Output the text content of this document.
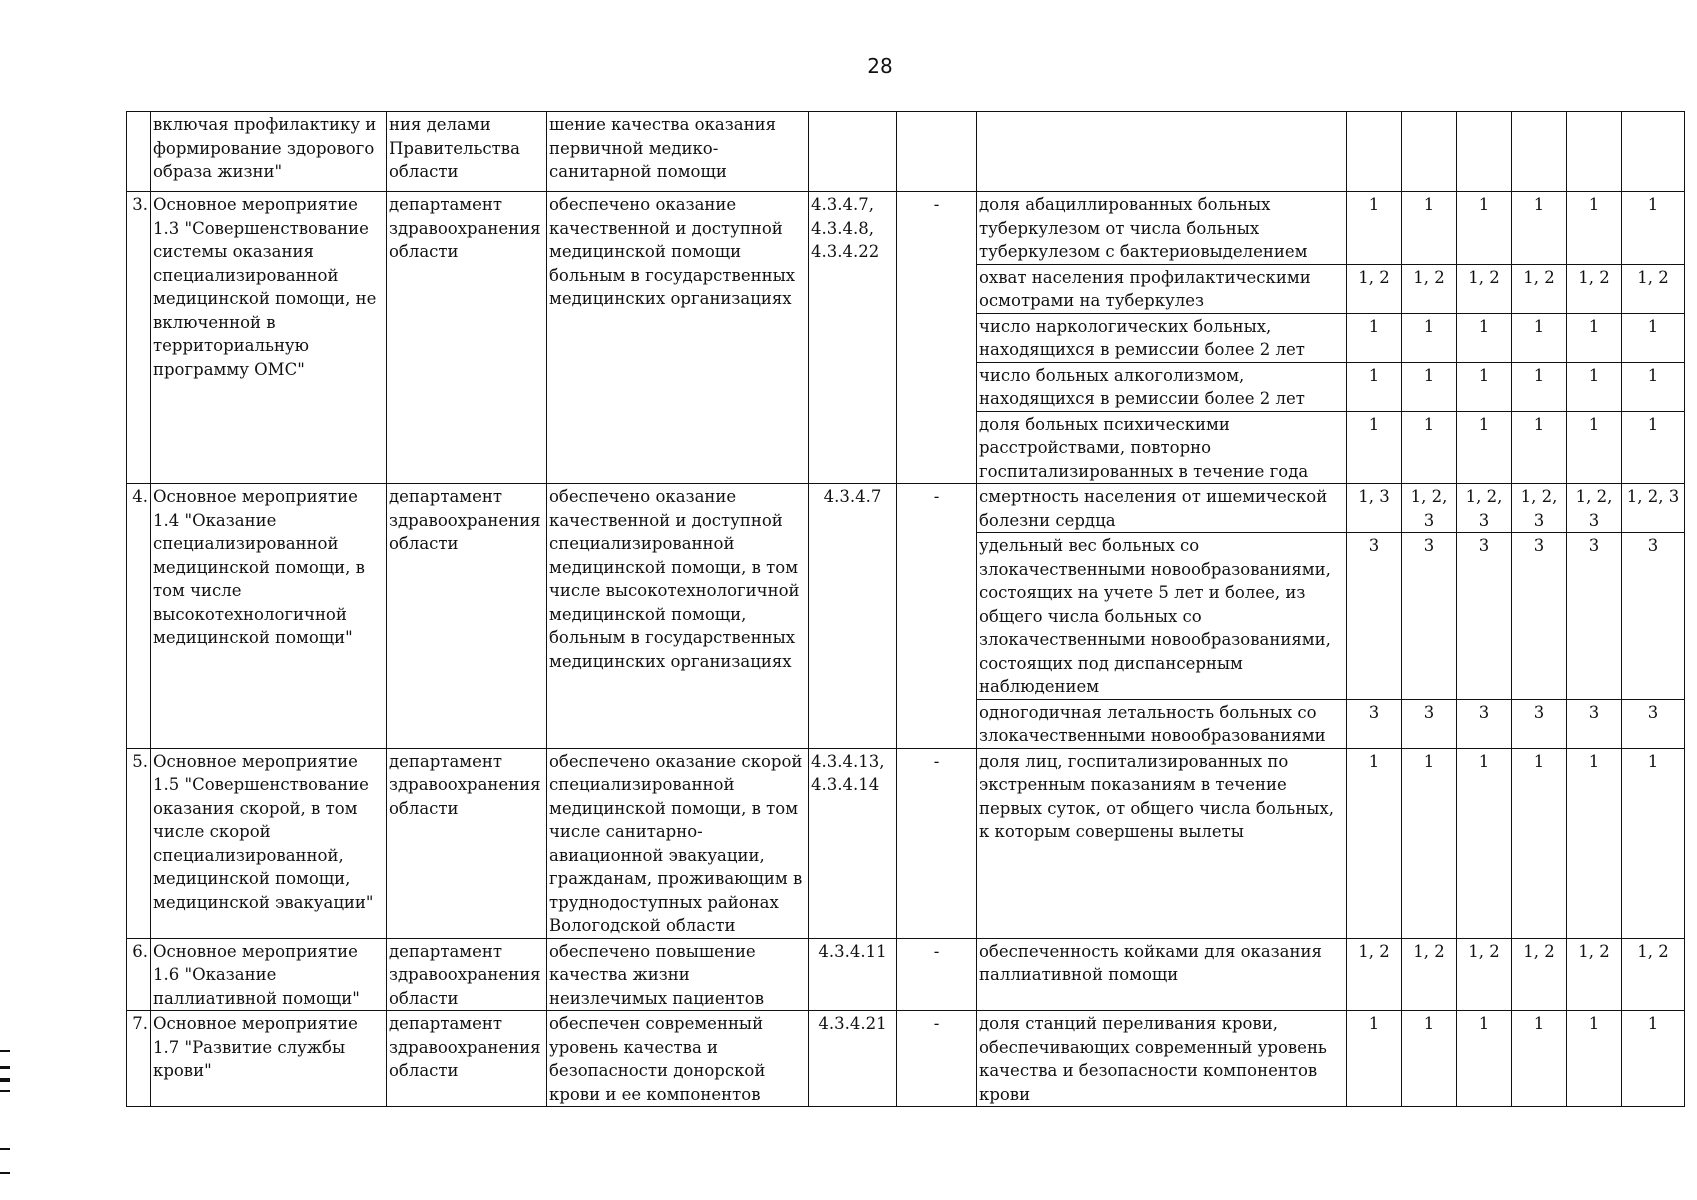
28
	включая профилактику и формирование здорового образа жизни"	ния делами Правительства области	шение качества оказания первичной медико-санитарной помощи									
3.	Основное мероприятие 1.3 "Совершенствование системы оказания специализированной медицинской помощи, не включенной в территориальную программу ОМС"	департамент здравоохранения области	обеспечено оказание качественной и доступной медицинской помощи больным в государственных медицинских организациях	4.3.4.7, 4.3.4.8, 4.3.4.22	-	доля абациллированных больных туберкулезом от числа больных туберкулезом с бактериовыделением	1	1	1	1	1	1
						охват населения профилактическими осмотрами на туберкулез	1, 2	1, 2	1, 2	1, 2	1, 2	1, 2
						число наркологических больных, находящихся в ремиссии более 2 лет	1	1	1	1	1	1
						число больных алкоголизмом, находящихся в ремиссии более 2 лет	1	1	1	1	1	1
						доля больных психическими расстройствами, повторно госпитализированных в течение года	1	1	1	1	1	1
4.	Основное мероприятие 1.4 "Оказание специализированной медицинской помощи, в том числе высокотехнологичной медицинской помощи"	департамент здравоохранения области	обеспечено оказание качественной и доступной специализированной медицинской помощи, в том числе высокотехнологичной медицинской помощи, больным в государственных медицинских организациях	4.3.4.7	-	смертность населения от ишемической болезни сердца	1, 3	1, 2, 3	1, 2, 3	1, 2, 3	1, 2, 3	1, 2, 3
						удельный вес больных со злокачественными новообразованиями, состоящих на учете 5 лет и более, из общего числа больных со злокачественными новообразованиями, состоящих под диспансерным наблюдением	3	3	3	3	3	3
						одногодичная летальность больных со злокачественными новообразованиями	3	3	3	3	3	3
5.	Основное мероприятие 1.5 "Совершенствование оказания скорой, в том числе скорой специализированной, медицинской помощи, медицинской эвакуации"	департамент здравоохранения области	обеспечено оказание скорой специализированной медицинской помощи, в том числе санитарно-авиационной эвакуации, гражданам, проживающим в труднодоступных районах Вологодской области	4.3.4.13, 4.3.4.14	-	доля лиц, госпитализированных по экстренным показаниям в течение первых суток, от общего числа больных, к которым совершены вылеты	1	1	1	1	1	1
6.	Основное мероприятие 1.6 "Оказание паллиативной помощи"	департамент здравоохранения области	обеспечено повышение качества жизни неизлечимых пациентов	4.3.4.11	-	обеспеченность койками для оказания паллиативной помощи	1, 2	1, 2	1, 2	1, 2	1, 2	1, 2
7.	Основное мероприятие 1.7 "Развитие службы крови"	департамент здравоохранения области	обеспечен современный уровень качества и безопасности донорской крови и ее компонентов	4.3.4.21	-	доля станций переливания крови, обеспечивающих современный уровень качества и безопасности компонентов крови	1	1	1	1	1	1
